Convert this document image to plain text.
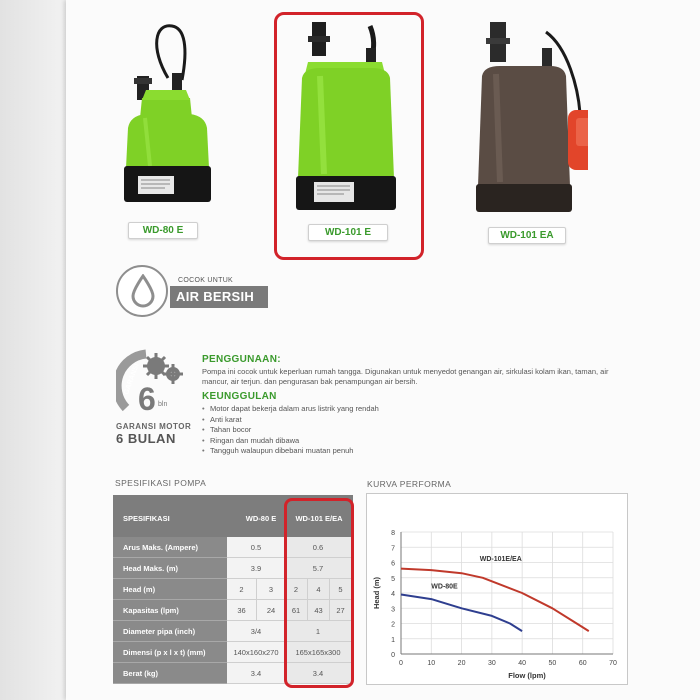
WD-80 E	WD-101 E	WD-101 EA
COCOK UNTUK
AIR BERSIH
GARANSI
6 bln
GARANSI MOTOR
6 BULAN
PENGGUNAAN:
Pompa ini cocok untuk keperluan rumah tangga. Digunakan untuk menyedot genangan air, sirkulasi kolam ikan, taman, air mancur, air terjun. dan pengurasan bak penampungan air bersih.
KEUNGGULAN
• Motor dapat bekerja dalam arus listrik yang rendah
• Anti karat
• Tahan bocor
• Ringan dan mudah dibawa
• Tangguh walaupun dibebani muatan penuh
SPESIFIKASI POMPA
SPESIFIKASI	WD-80 E	WD-101 E/EA
Arus Maks. (Ampere)	0.5	0.6
Head Maks. (m)	3.9	5.7
Head (m)	2	3	2	4	5
Kapasitas (lpm)	36	24	61	43	27
Diameter pipa (inch)	3/4	1
Dimensi (p x l x t) (mm)	140x160x270	165x165x300
Berat (kg)	3.4	3.4
KURVA PERFORMA
0
1
2
3
4
5
6
7
8
0	10	20	30	40	50	60	70
Flow (lpm)
Head (m)
WD-101E/EA
WD-80E
